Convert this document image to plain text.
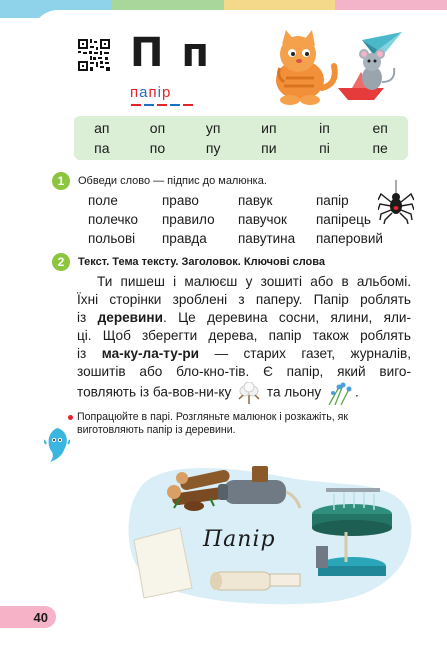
П п
папір
ап	оп	уп	ип	іп	еп
па	по	пу	пи	пі	пе
1	Обведи слово — підпис до малюнка.
поле	право	павук	папір
полечко	правило	павучок	папірець
польові	правда	павутина	паперовий
2	Текст. Тема тексту. Заголовок. Ключові слова
Ти пишеш і малюєш у зошиті або в альбомі.
Їхні сторінки зроблені з паперу. Папір роблять
із деревини. Це деревина сосни, ялини, яли-
ці. Щоб зберегти дерева, папір також роблять
із ма-ку-ла-ту-ри — старих газет, журналів,
зошитів або бло-кно-тів. Є папір, який виго-
товляють із ба-вов-ни-ку  та льону .
Попрацюйте в парі. Розгляньте малюнок і розкажіть, як виготовляють папір із деревини.
Папір
40
